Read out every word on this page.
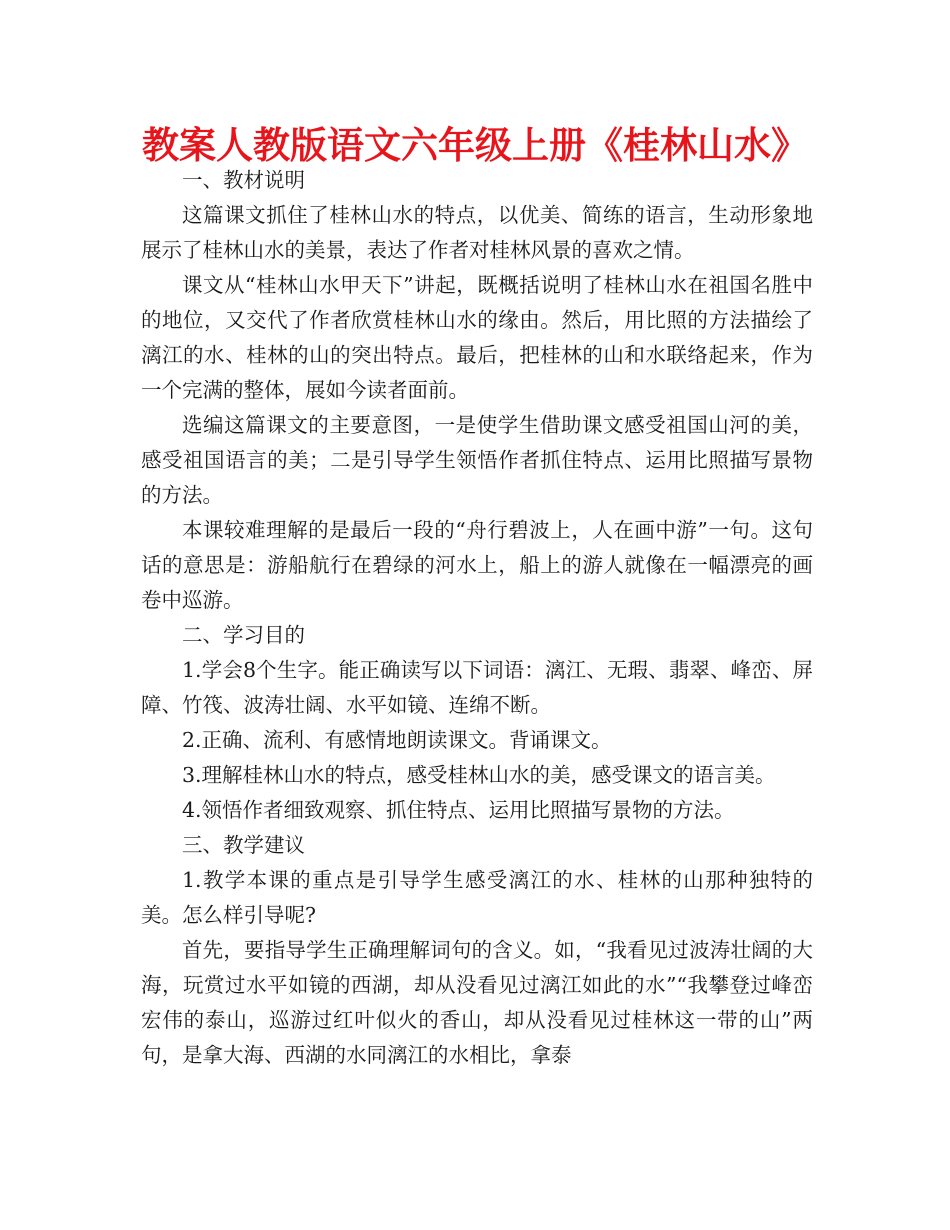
教案人教版语文六年级上册《桂林山水》

一、教材说明

这篇课文抓住了桂林山水的特点，以优美、简练的语言，生动形象地展示了桂林山水的美景，表达了作者对桂林风景的喜欢之情。

课文从“桂林山水甲天下”讲起，既概括说明了桂林山水在祖国名胜中的地位，又交代了作者欣赏桂林山水的缘由。然后，用比照的方法描绘了漓江的水、桂林的山的突出特点。最后，把桂林的山和水联络起来，作为一个完满的整体，展如今读者面前。

选编这篇课文的主要意图，一是使学生借助课文感受祖国山河的美，感受祖国语言的美；二是引导学生领悟作者抓住特点、运用比照描写景物的方法。

本课较难理解的是最后一段的“舟行碧波上，人在画中游”一句。这句话的意思是：游船航行在碧绿的河水上，船上的游人就像在一幅漂亮的画卷中巡游。

二、学习目的

1.学会8个生字。能正确读写以下词语：漓江、无瑕、翡翠、峰峦、屏障、竹筏、波涛壮阔、水平如镜、连绵不断。

2.正确、流利、有感情地朗读课文。背诵课文。

3.理解桂林山水的特点，感受桂林山水的美，感受课文的语言美。

4.领悟作者细致观察、抓住特点、运用比照描写景物的方法。

三、教学建议

1.教学本课的重点是引导学生感受漓江的水、桂林的山那种独特的美。怎么样引导呢?

首先，要指导学生正确理解词句的含义。如，“我看见过波涛壮阔的大海，玩赏过水平如镜的西湖，却从没看见过漓江如此的水”“我攀登过峰峦宏伟的泰山，巡游过红叶似火的香山，却从没看见过桂林这一带的山”两句，是拿大海、西湖的水同漓江的水相比，拿泰
